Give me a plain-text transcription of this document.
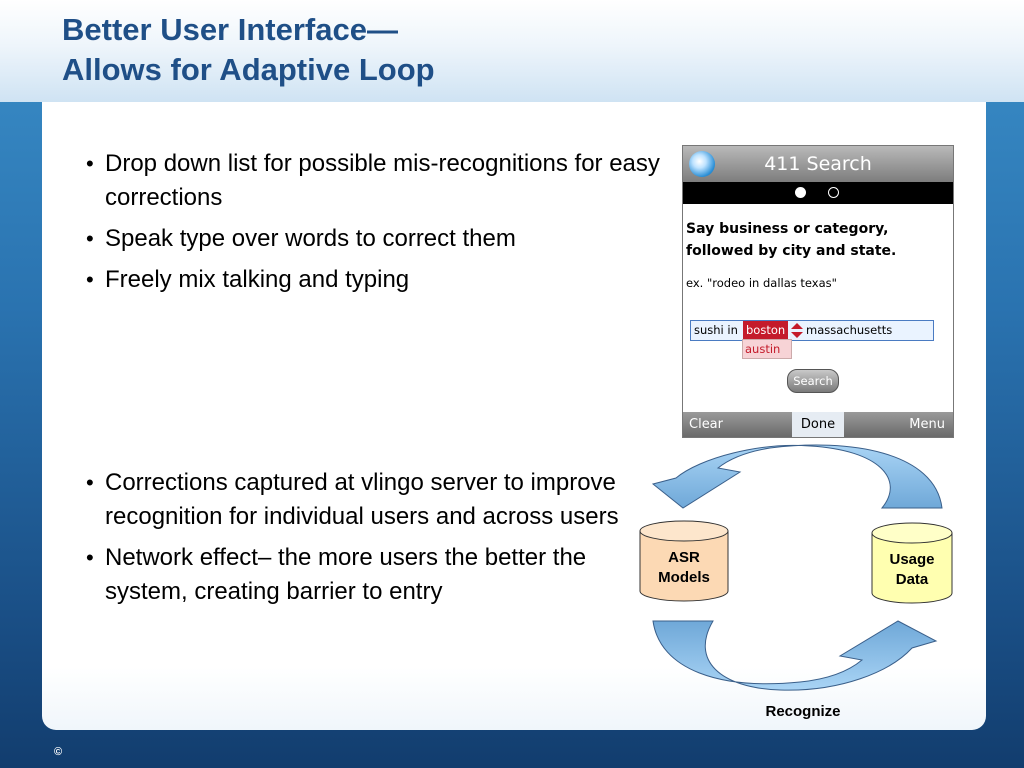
Better User Interface—
Allows for Adaptive Loop
• Drop down list for possible mis-recognitions for easy corrections
• Speak type over words to correct them
• Freely mix talking and typing
• Corrections captured at vlingo server to improve recognition for individual users and across users
• Network effect– the more users the better the system, creating barrier to entry
411 Search
Say business or category, followed by city and state.
ex. "rodeo in dallas texas"
sushi in boston massachusetts
austin
Search
Clear	Done	Menu
ASR
Models
Usage
Data
Recognize
©
